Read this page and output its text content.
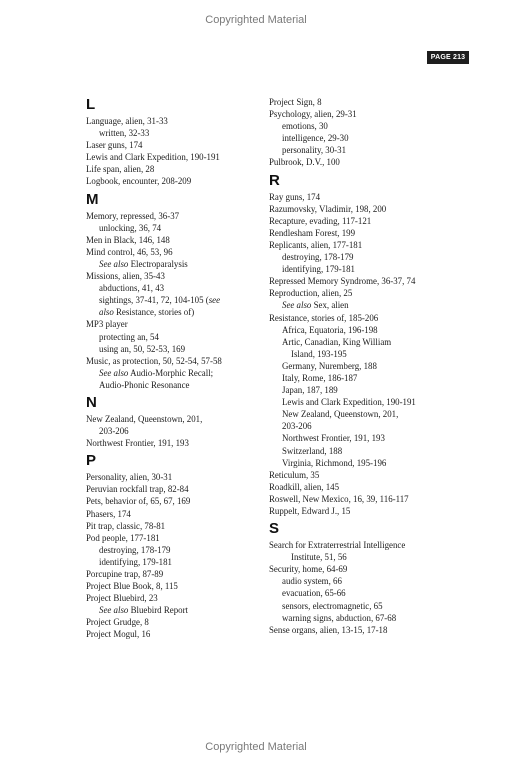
Copyrighted Material
PAGE 213
L
Language, alien, 31-33
written, 32-33
Laser guns, 174
Lewis and Clark Expedition, 190-191
Life span, alien, 28
Logbook, encounter, 208-209
M
Memory, repressed, 36-37
unlocking, 36, 74
Men in Black, 146, 148
Mind control, 46, 53, 96
See also Electroparalysis
Missions, alien, 35-43
abductions, 41, 43
sightings, 37-41, 72, 104-105 (see
also Resistance, stories of)
MP3 player
protecting an, 54
using an, 50, 52-53, 169
Music, as protection, 50, 52-54, 57-58
See also Audio-Morphic Recall;
Audio-Phonic Resonance
N
New Zealand, Queenstown, 201,
203-206
Northwest Frontier, 191, 193
P
Personality, alien, 30-31
Peruvian rockfall trap, 82-84
Pets, behavior of, 65, 67, 169
Phasers, 174
Pit trap, classic, 78-81
Pod people, 177-181
destroying, 178-179
identifying, 179-181
Porcupine trap, 87-89
Project Blue Book, 8, 115
Project Bluebird, 23
See also Bluebird Report
Project Grudge, 8
Project Mogul, 16
Project Sign, 8
Psychology, alien, 29-31
emotions, 30
intelligence, 29-30
personality, 30-31
Pulbrook, D.V., 100
R
Ray guns, 174
Razumovsky, Vladimir, 198, 200
Recapture, evading, 117-121
Rendlesham Forest, 199
Replicants, alien, 177-181
destroying, 178-179
identifying, 179-181
Repressed Memory Syndrome, 36-37, 74
Reproduction, alien, 25
See also Sex, alien
Resistance, stories of, 185-206
Africa, Equatoria, 196-198
Artic, Canadian, King William
Island, 193-195
Germany, Nuremberg, 188
Italy, Rome, 186-187
Japan, 187, 189
Lewis and Clark Expedition, 190-191
New Zealand, Queenstown, 201,
203-206
Northwest Frontier, 191, 193
Switzerland, 188
Virginia, Richmond, 195-196
Reticulum, 35
Roadkill, alien, 145
Roswell, New Mexico, 16, 39, 116-117
Ruppelt, Edward J., 15
S
Search for Extraterrestrial Intelligence
Institute, 51, 56
Security, home, 64-69
audio system, 66
evacuation, 65-66
sensors, electromagnetic, 65
warning signs, abduction, 67-68
Sense organs, alien, 13-15, 17-18
Copyrighted Material
